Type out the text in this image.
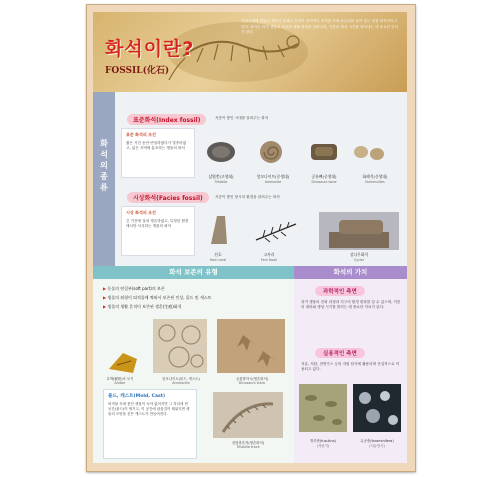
화석이란?
FOSSIL(化石)
지질시대에 살았던 생물의 유해나 흔적이 암석이나 퇴적물 속에 보존되어 남아 있는 것을 화석이라고 한다. 화석은 과거 생물의 모습과 생활 환경을 알려주며, 지층의 생성 시기를 알아내는 데 중요한 단서가 된다.
화석의 종류
표준화석(Index fossil)	지층이 쌓인 시대를 알려주는 화석
표준 화석의 조건
짧은 기간 동안 번성하였다가 멸종하였고, 넓은 지역에 분포하는 생물의 화석
삼엽충(고생대)
Trilobite
암모나이트(중생대)
Ammonite
공룡뼈(중생대)
Dinosaurs bone
화폐석(신생대)
Nummulites
시상화석(Facies fossil)	지층이 쌓인 당시의 환경을 알려주는 화석
시상 화석의 조건
긴 기간에 걸쳐 생존하였고, 특정한 환경에서만 서식하는 생물의 화석
산호
Horn coral
고사리
Fern fossil
상나무화석
Cycler
화석 보존의 유형
▶ 동물의 연질부(soft part)의 보존
▶ 생물의 외형이 퇴적물에 찍혀서 보존된 인상, 몰드 및 캐스트
▶ 생물의 생활 흔적이 보존된 생흔(生痕)화석
호박(琥珀)속 모기
Amber
암모나이트(몰드, 캐스트)
Ammonite
공룡발자국(생흔화석)
Dinosaurs track
몰드, 캐스트(Mold, Cast)
퇴적물 속에 묻힌 생물이 녹아 없어지면 그 자리에 빈 공간(몰드)이 생기고, 이 공간에 광물질이 채워지면 생물의 모양을 본뜬 캐스트가 만들어진다.
삼엽충흔적(생흔화석)
Trilobite track
화석의 가치
과학적인 측면
과거 생물의 진화 과정과 지구의 환경 변화를 알 수 있으며, 지층의 대비와 생성 시기를 밝히는 데 중요한 자료가 된다.
실용적인 측면
석유, 석탄, 천연가스 등의 자원 탐사에 활용되며 산업적으로 이용되고 있다.
방추충(fusulina)
(석탄기)
유공충(foraminifera)
(석유탐사)
